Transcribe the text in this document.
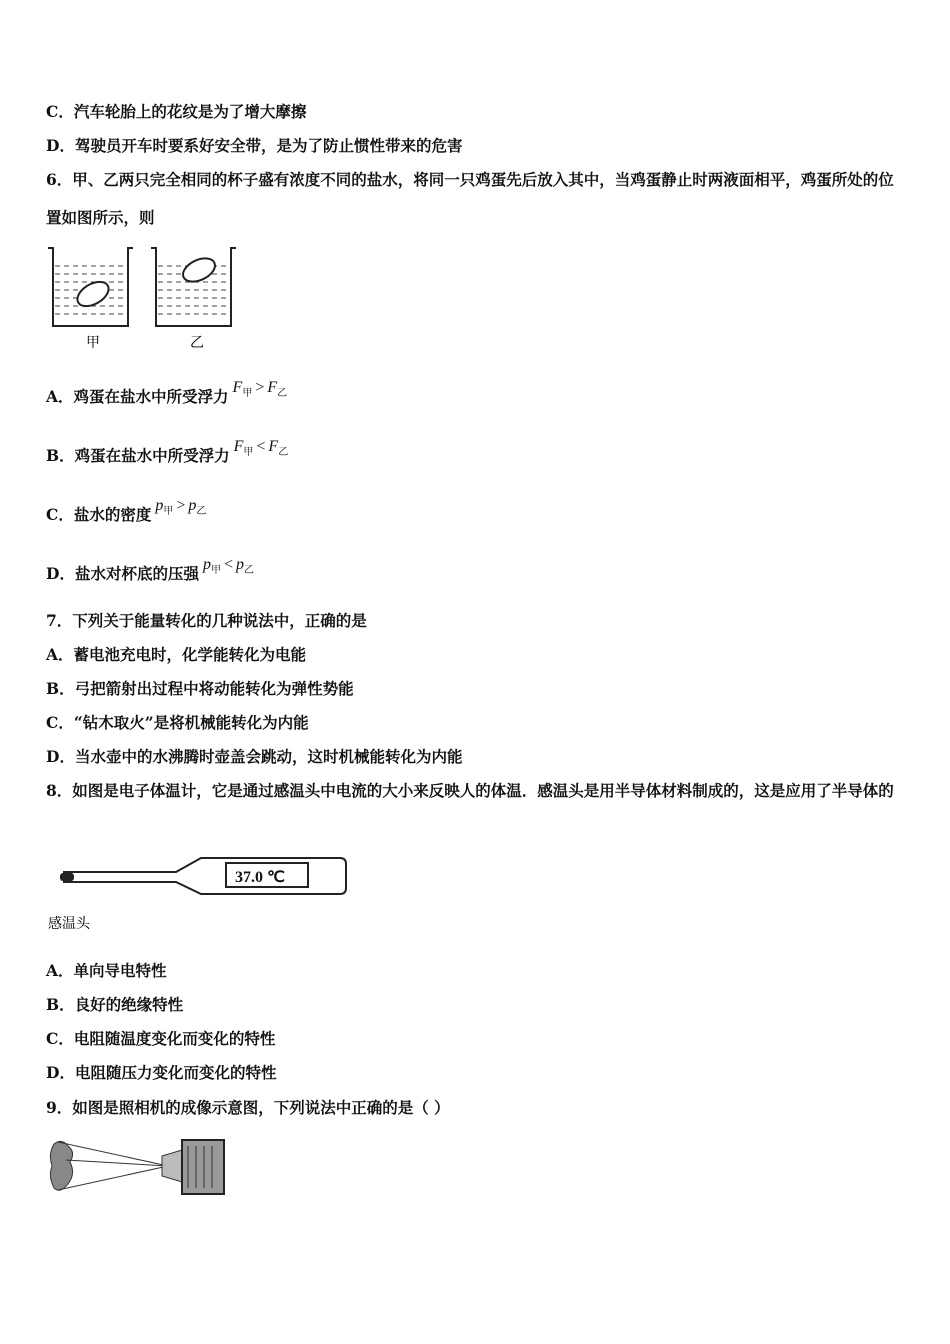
C．汽车轮胎上的花纹是为了增大摩擦
D．驾驶员开车时要系好安全带，是为了防止惯性带来的危害
6．甲、乙两只完全相同的杯子盛有浓度不同的盐水，将同一只鸡蛋先后放入其中，当鸡蛋静止时两液面相平，鸡蛋所处的位置如图所示，则
甲	乙
A．鸡蛋在盐水中所受浮力 $F_甲 > F_乙$
B．鸡蛋在盐水中所受浮力 $F_甲 < F_乙$
C．盐水的密度 $p_甲 > p_乙$
D．盐水对杯底的压强 $p_甲 < p_乙$
7．下列关于能量转化的几种说法中，正确的是
A．蓄电池充电时，化学能转化为电能
B．弓把箭射出过程中将动能转化为弹性势能
C．“钻木取火”是将机械能转化为内能
D．当水壶中的水沸腾时壶盖会跳动，这时机械能转化为内能
8．如图是电子体温计，它是通过感温头中电流的大小来反映人的体温．感温头是用半导体材料制成的，这是应用了半导体的
37.0 ℃
感温头
A．单向导电特性
B．良好的绝缘特性
C．电阻随温度变化而变化的特性
D．电阻随压力变化而变化的特性
9．如图是照相机的成像示意图，下列说法中正确的是（ ）
